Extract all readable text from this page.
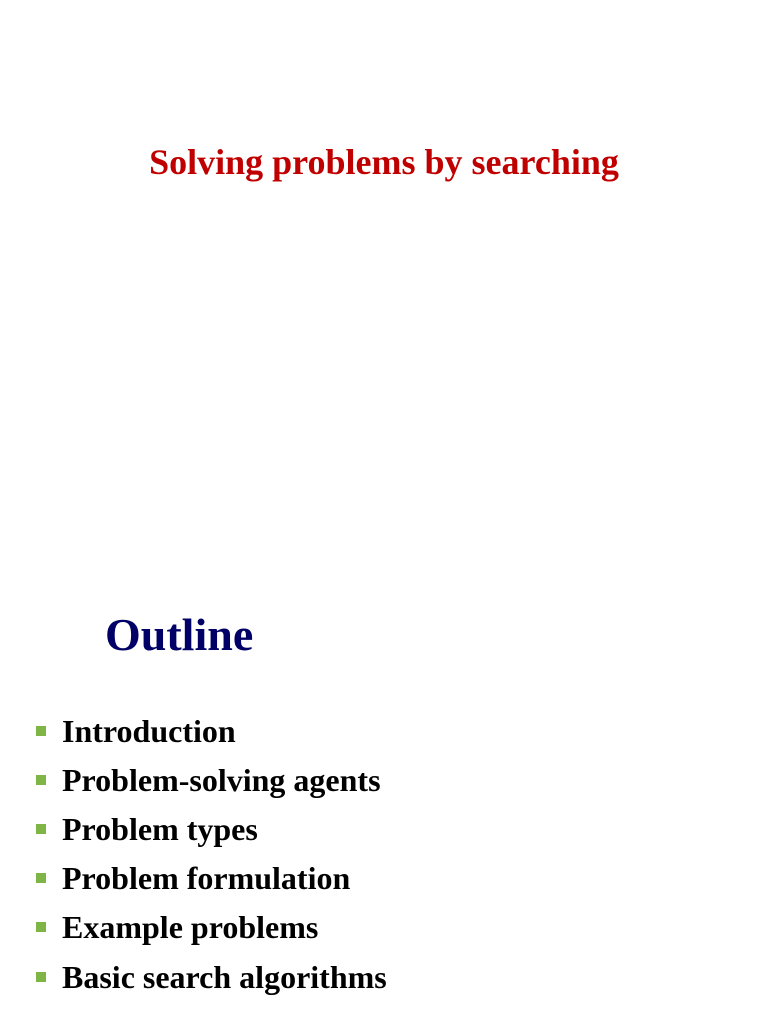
Solving problems by searching
Outline
Introduction
Problem-solving agents
Problem types
Problem formulation
Example problems
Basic search algorithms
